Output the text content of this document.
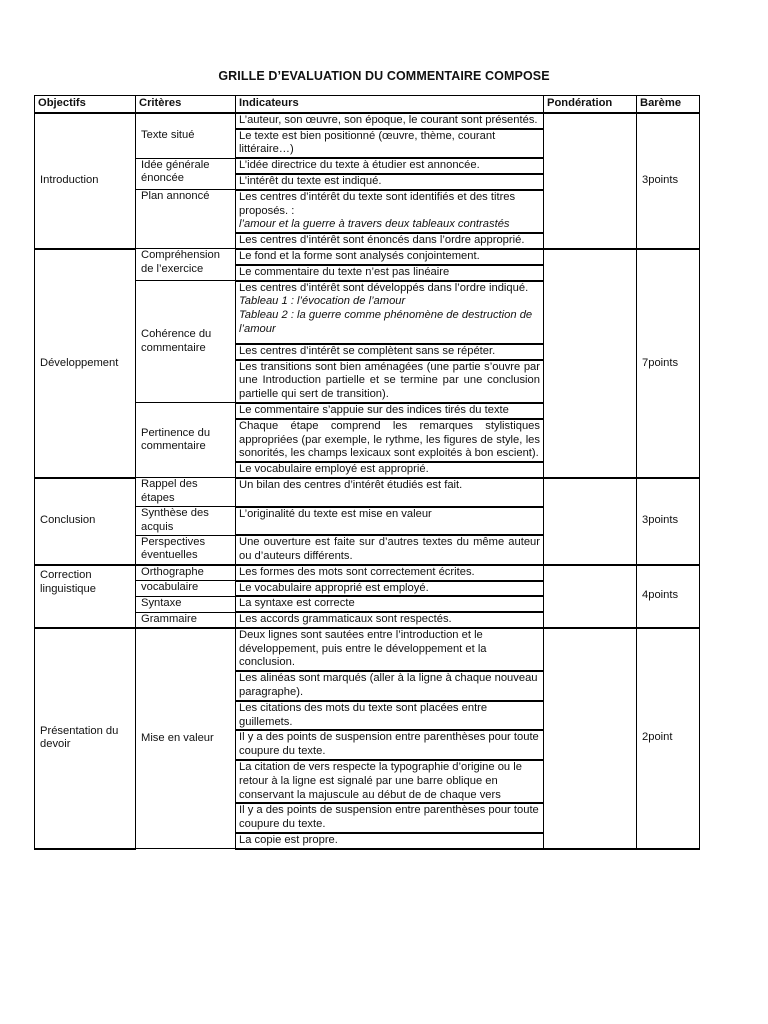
GRILLE D’EVALUATION DU COMMENTAIRE COMPOSE
Objectifs	Critères	Indicateurs	Pondération	Barème
Introduction	Texte situé	L’auteur, son œuvre, son époque, le courant sont présentés.		3points
		Le texte est bien positionné (œuvre, thème, courant littéraire…)		
	Idée générale énoncée	L’idée directrice du texte à étudier est annoncée.		
		L’intérêt du texte est indiqué.		
	Plan annoncé	Les centres d’intérêt du texte sont identifiés et des titres proposés. :
l’amour et la guerre à travers deux tableaux contrastés		

		Les centres d’intérêt sont énoncés dans l’ordre approprié.		
Développement	Compréhension de l’exercice	Le fond et la forme sont analysés conjointement.		7points
		Le commentaire du texte n’est pas linéaire		
	Cohérence du commentaire	Les centres d’intérêt sont développés dans l’ordre indiqué.
Tableau 1 : l’évocation de l’amour
Tableau 2 : la guerre comme phénomène de destruction de l’amour		

		Les centres d’intérêt se complètent sans se répéter.		
		Les transitions sont bien aménagées (une partie s’ouvre par une Introduction partielle et se termine par une conclusion partielle qui sert de transition).		
	Pertinence du commentaire	Le commentaire s’appuie sur des indices tirés du texte		
		Chaque étape comprend les remarques stylistiques appropriées (par exemple, le rythme, les figures de style, les sonorités, les champs lexicaux sont exploités à bon escient).		
		Le vocabulaire employé est approprié.		
Conclusion	Rappel des étapes	Un bilan des centres d’intérêt étudiés est fait.		3points
	Synthèse des acquis	L’originalité du texte est mise en valeur		
	Perspectives éventuelles	Une ouverture est faite sur d’autres textes du même auteur ou d’auteurs différents.		
Correction linguistique	Orthographe	Les formes des mots sont correctement écrites.		4points
	vocabulaire	Le vocabulaire approprié est employé.		
	Syntaxe	La syntaxe est correcte		
	Grammaire	Les accords grammaticaux sont respectés.		
Présentation du devoir	Mise en valeur	Deux lignes sont sautées entre l’introduction et le développement, puis entre le développement et la conclusion.		2point
		Les alinéas sont marqués (aller à la ligne à chaque nouveau paragraphe).		
		Les citations des mots du texte sont placées entre guillemets.		
		Il y a des points de suspension entre parenthèses pour toute coupure du texte.		
		La citation de vers respecte la typographie d’origine ou le retour à la ligne est signalé par une barre oblique en conservant la majuscule au début de de chaque vers		
		Il y a des points de suspension entre parenthèses pour toute coupure du texte.		
		La copie est propre.		
